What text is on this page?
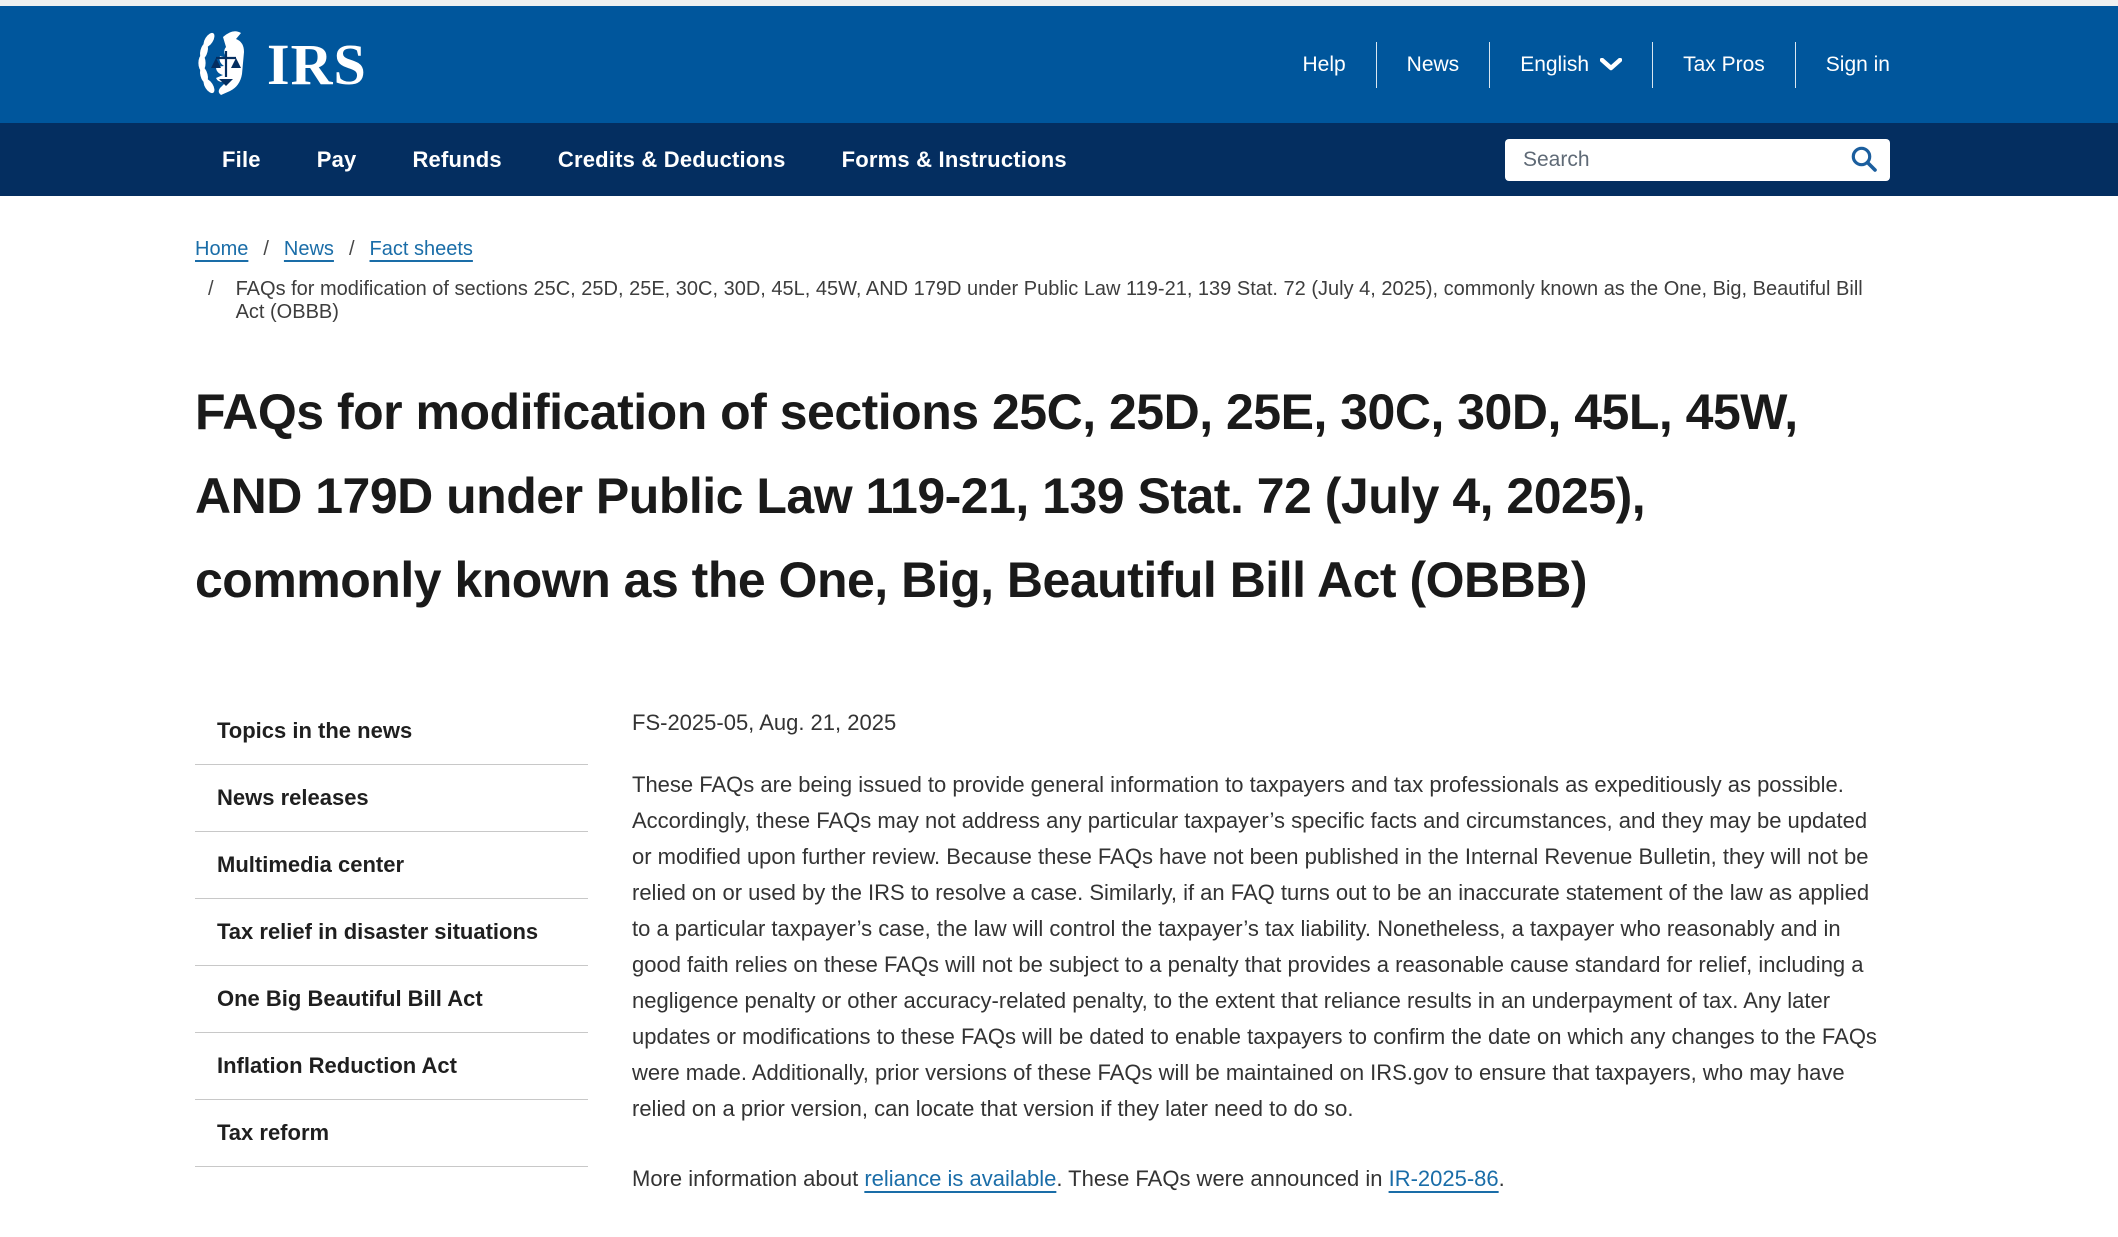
IRS	Help	News	English	Tax Pros	Sign in
File	Pay	Refunds	Credits & Deductions	Forms & Instructions
Search
Home / News / Fact sheets
/ FAQs for modification of sections 25C, 25D, 25E, 30C, 30D, 45L, 45W, AND 179D under Public Law 119-21, 139 Stat. 72 (July 4, 2025), commonly known as the One, Big, Beautiful Bill Act (OBBB)
FAQs for modification of sections 25C, 25D, 25E, 30C, 30D, 45L, 45W, AND 179D under Public Law 119-21, 139 Stat. 72 (July 4, 2025), commonly known as the One, Big, Beautiful Bill Act (OBBB)
Topics in the news
News releases
Multimedia center
Tax relief in disaster situations
One Big Beautiful Bill Act
Inflation Reduction Act
Tax reform

FS-2025-05, Aug. 21, 2025

These FAQs are being issued to provide general information to taxpayers and tax professionals as expeditiously as possible. Accordingly, these FAQs may not address any particular taxpayer’s specific facts and circumstances, and they may be updated or modified upon further review. Because these FAQs have not been published in the Internal Revenue Bulletin, they will not be relied on or used by the IRS to resolve a case. Similarly, if an FAQ turns out to be an inaccurate statement of the law as applied to a particular taxpayer’s case, the law will control the taxpayer’s tax liability. Nonetheless, a taxpayer who reasonably and in good faith relies on these FAQs will not be subject to a penalty that provides a reasonable cause standard for relief, including a negligence penalty or other accuracy-related penalty, to the extent that reliance results in an underpayment of tax. Any later updates or modifications to these FAQs will be dated to enable taxpayers to confirm the date on which any changes to the FAQs were made. Additionally, prior versions of these FAQs will be maintained on IRS.gov to ensure that taxpayers, who may have relied on a prior version, can locate that version if they later need to do so.

More information about reliance is available. These FAQs were announced in IR-2025-86.
